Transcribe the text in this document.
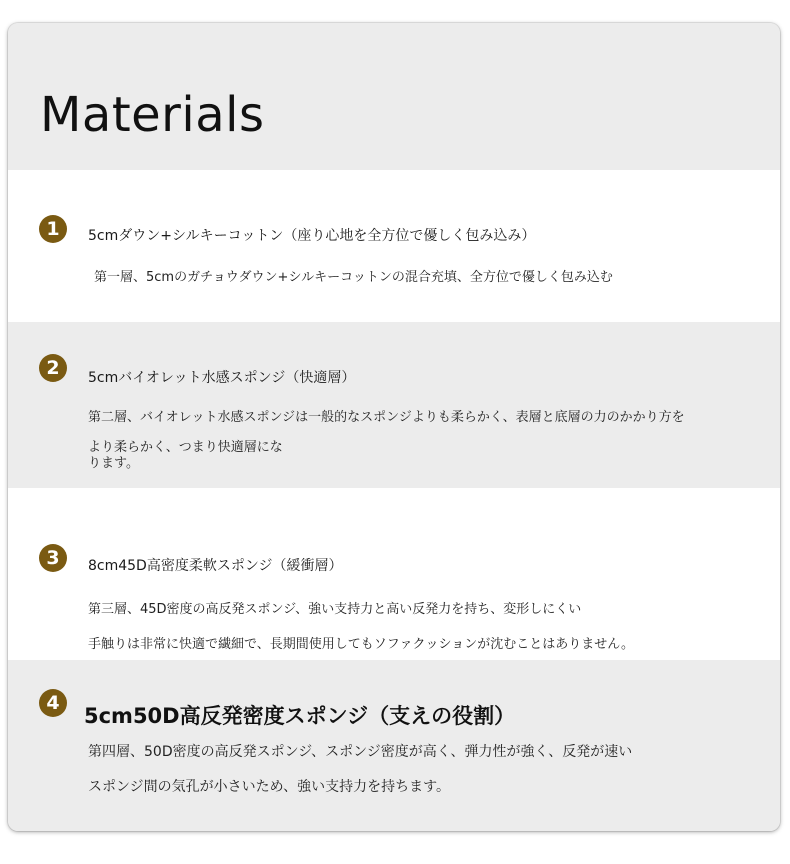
Materials
1	5cmダウン+シルキーコットン（座り心地を全方位で優しく包み込み）
第一層、5cmのガチョウダウン+シルキーコットンの混合充填、全方位で優しく包み込む
2	5cmバイオレット水感スポンジ（快適層）
第二層、バイオレット水感スポンジは一般的なスポンジよりも柔らかく、表層と底層の力のかかり方を
より柔らかく、つまり快適層にな
ります。
3	8cm45D高密度柔軟スポンジ（緩衝層）
第三層、45D密度の高反発スポンジ、強い支持力と高い反発力を持ち、変形しにくい
手触りは非常に快適で繊細で、長期間使用してもソファクッションが沈むことはありません。
4
5cm50D高反発密度スポンジ（支えの役割）
第四層、50D密度の高反発スポンジ、スポンジ密度が高く、弾力性が強く、反発が速い
スポンジ間の気孔が小さいため、強い支持力を持ちます。
